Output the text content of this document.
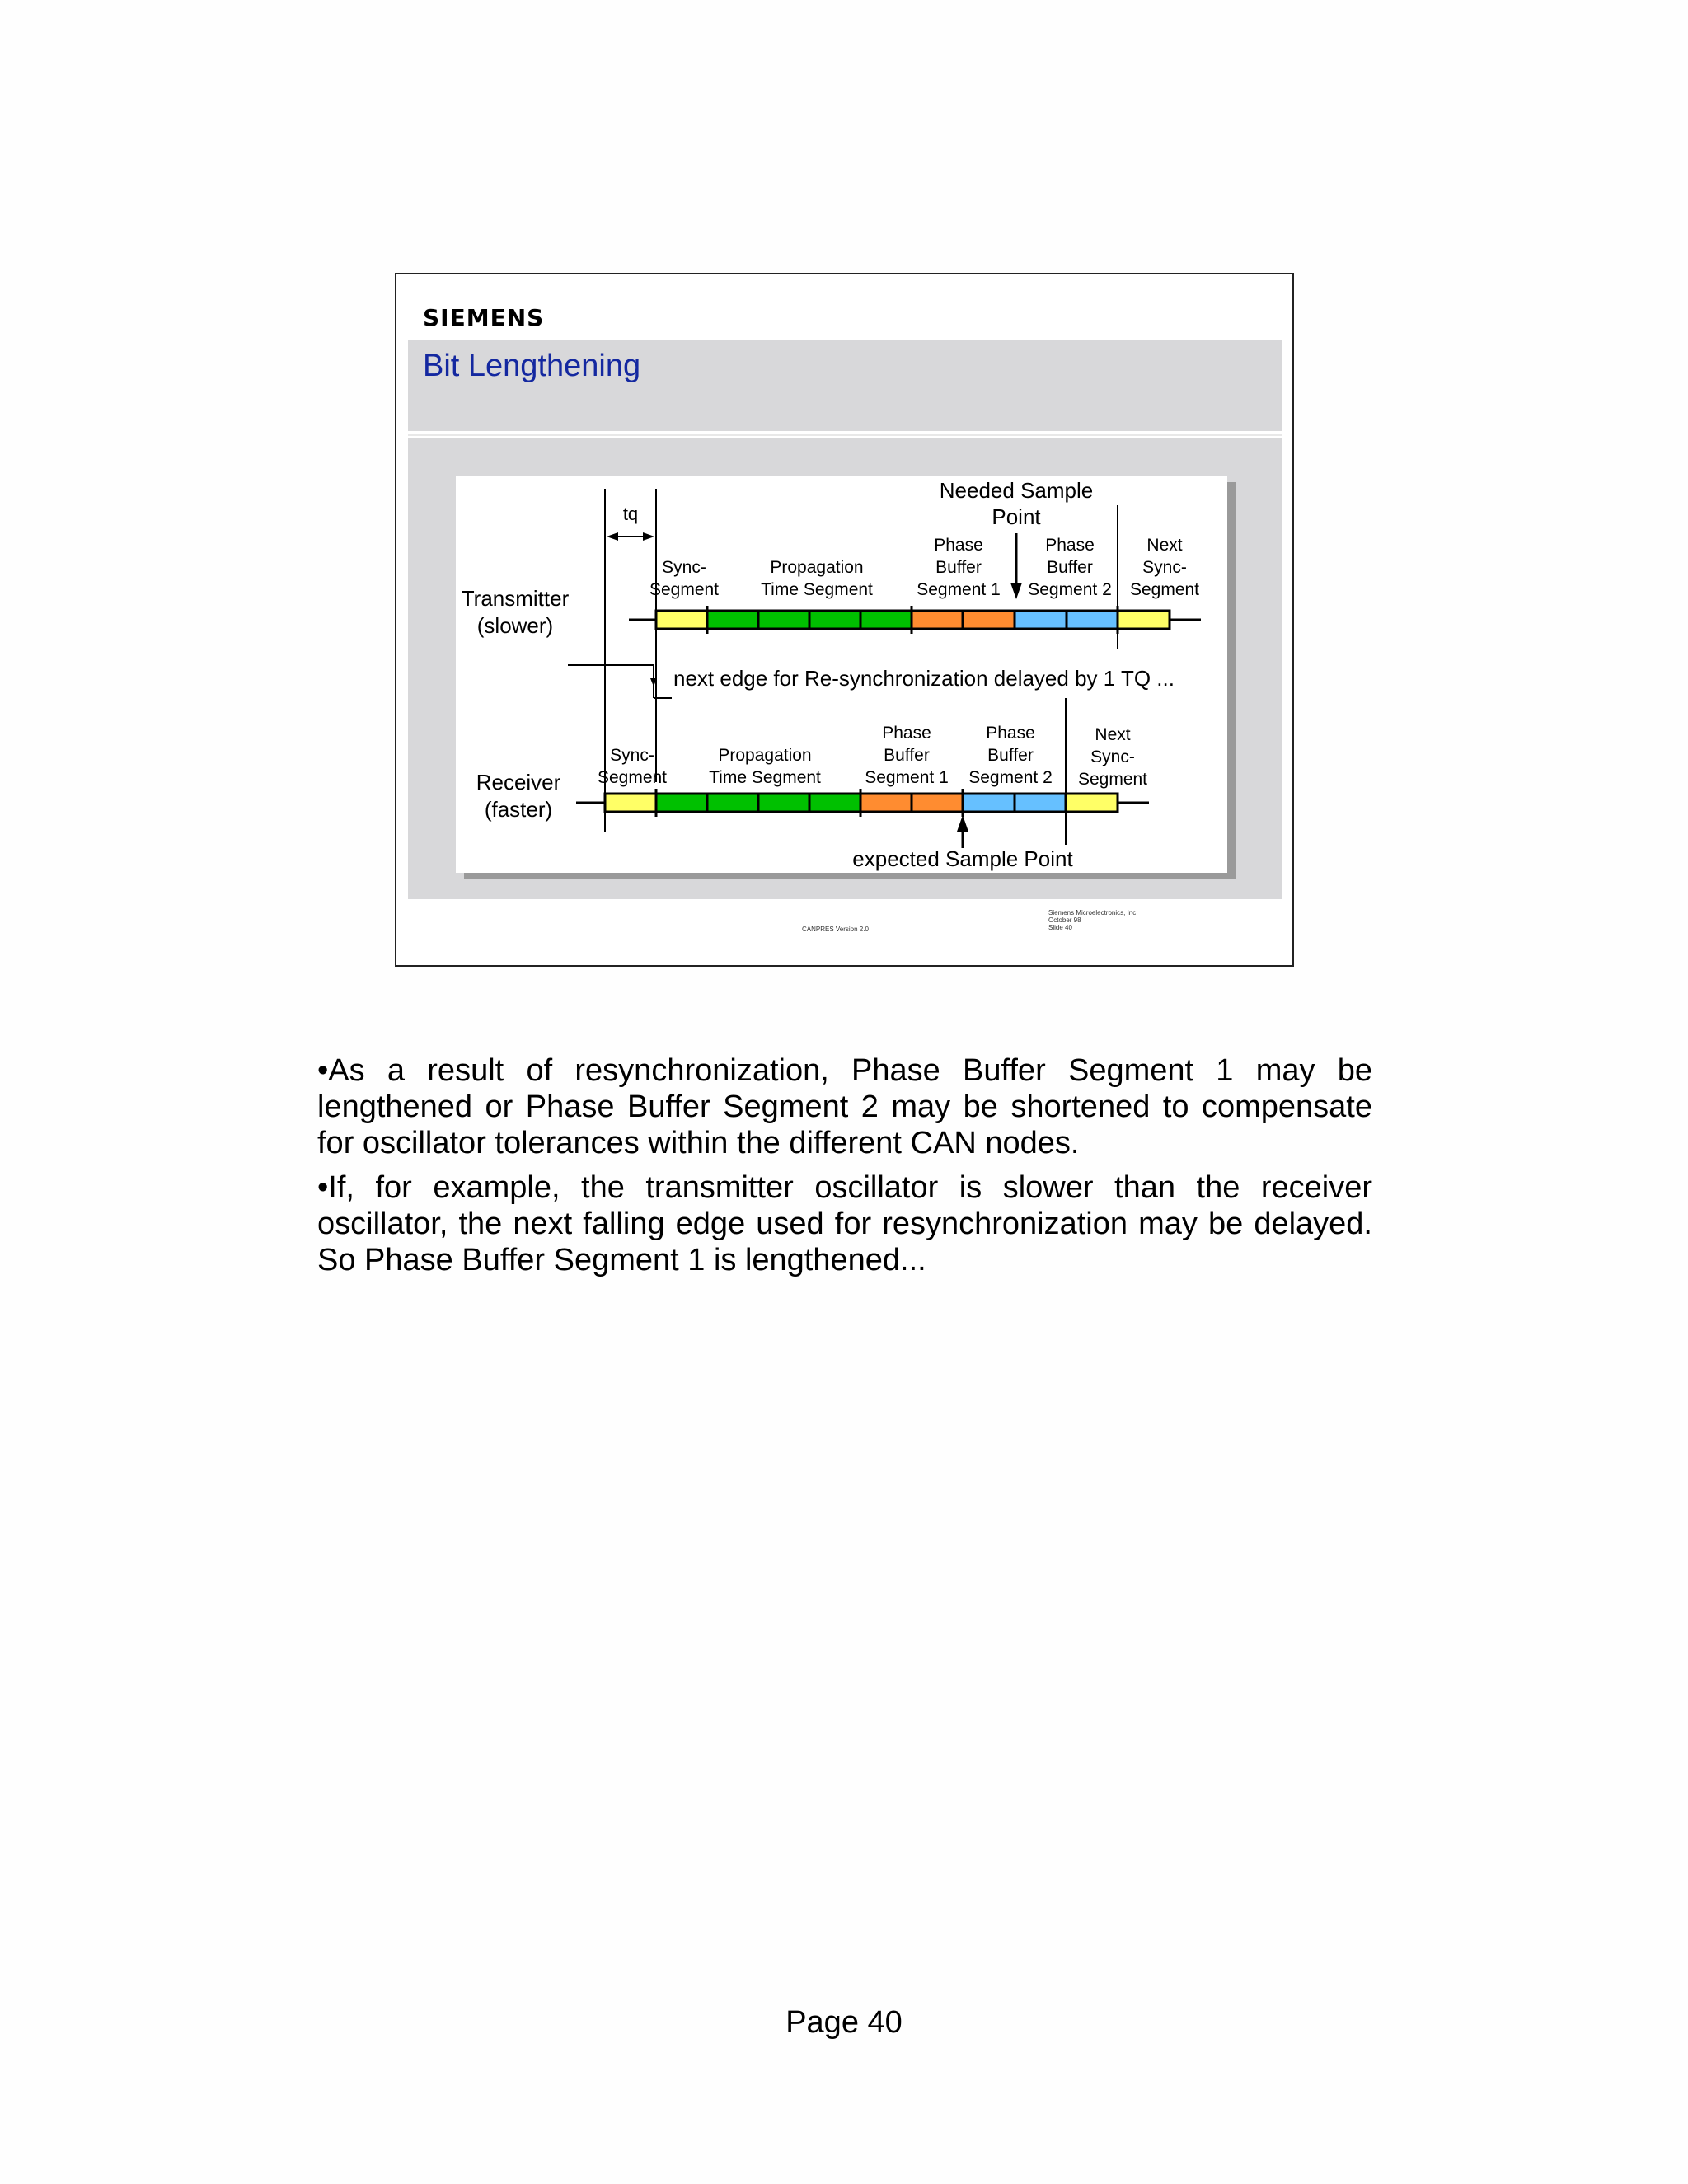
SIEMENS
Bit Lengthening
tq
Needed Sample
Point
Transmitter
(slower)
Sync-
Segment
Propagation
Time Segment
Phase
Buffer
Segment 1
Phase
Buffer
Segment 2
Next
Sync-
Segment
next edge for Re-synchronization delayed by 1 TQ ...
Receiver
(faster)
Sync-
Segment
Propagation
Time Segment
Phase
Buffer
Segment 1
Phase
Buffer
Segment 2
Next
Sync-
Segment
expected Sample Point
CANPRES Version 2.0
Siemens Microelectronics, Inc.
October 98
Slide 40

•As a result of resynchronization, Phase Buffer Segment 1 may be lengthened or Phase Buffer Segment 2 may be shortened to compensate for oscillator tolerances within the different CAN nodes.

•If, for example, the transmitter oscillator is slower than the receiver oscillator, the next falling edge used for resynchronization may be delayed. So Phase Buffer Segment 1 is lengthened...

Page 40
